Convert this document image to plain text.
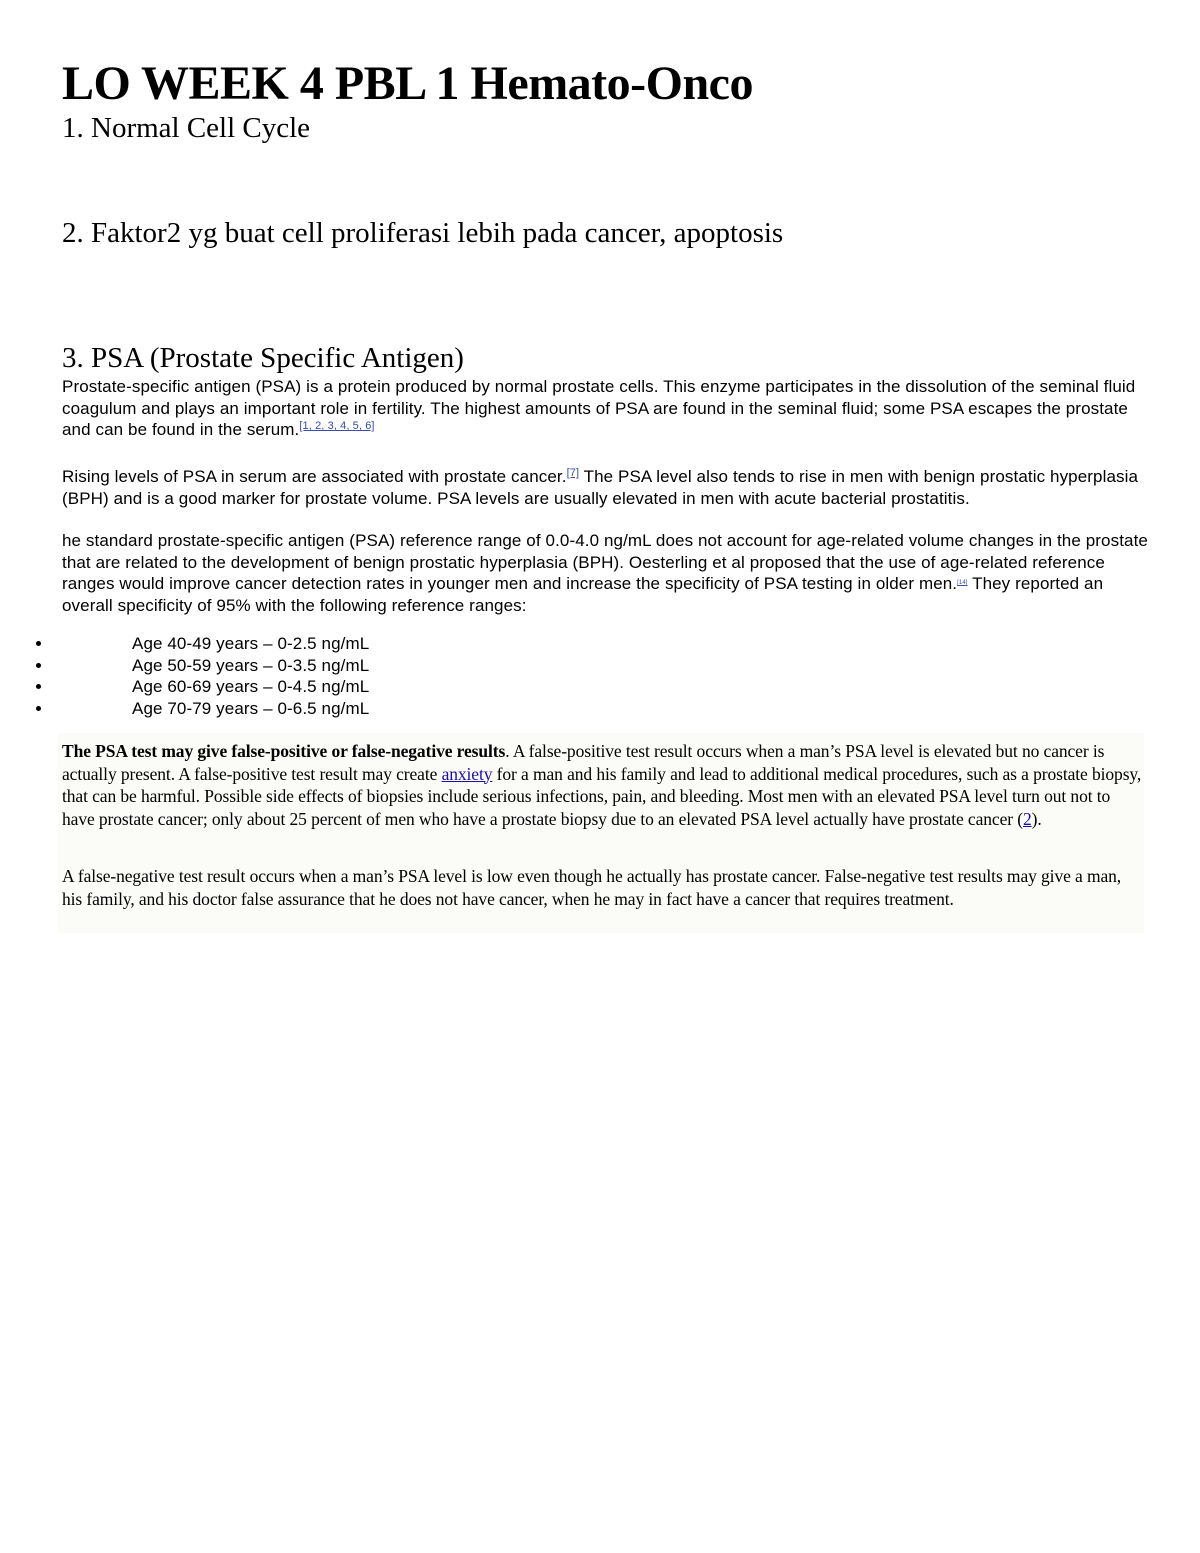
LO WEEK 4 PBL 1 Hemato-Onco
1. Normal Cell Cycle
2. Faktor2 yg buat cell proliferasi lebih pada cancer, apoptosis
3. PSA (Prostate Specific Antigen)

Prostate-specific antigen (PSA) is a protein produced by normal prostate cells. This enzyme participates in the dissolution of the seminal fluid coagulum and plays an important role in fertility. The highest amounts of PSA are found in the seminal fluid; some PSA escapes the prostate and can be found in the serum.[1, 2, 3, 4, 5, 6]

Rising levels of PSA in serum are associated with prostate cancer.[7] The PSA level also tends to rise in men with benign prostatic hyperplasia (BPH) and is a good marker for prostate volume. PSA levels are usually elevated in men with acute bacterial prostatitis.

he standard prostate-specific antigen (PSA) reference range of 0.0-4.0 ng/mL does not account for age-related volume changes in the prostate that are related to the development of benign prostatic hyperplasia (BPH). Oesterling et al proposed that the use of age-related reference ranges would improve cancer detection rates in younger men and increase the specificity of PSA testing in older men.[14] They reported an overall specificity of 95% with the following reference ranges:

Age 40-49 years – 0-2.5 ng/mL
Age 50-59 years – 0-3.5 ng/mL
Age 60-69 years – 0-4.5 ng/mL
Age 70-79 years – 0-6.5 ng/mL

The PSA test may give false-positive or false-negative results. A false-positive test result occurs when a man’s PSA level is elevated but no cancer is actually present. A false-positive test result may create anxiety for a man and his family and lead to additional medical procedures, such as a prostate biopsy, that can be harmful. Possible side effects of biopsies include serious infections, pain, and bleeding. Most men with an elevated PSA level turn out not to have prostate cancer; only about 25 percent of men who have a prostate biopsy due to an elevated PSA level actually have prostate cancer (2).

A false-negative test result occurs when a man’s PSA level is low even though he actually has prostate cancer. False-negative test results may give a man, his family, and his doctor false assurance that he does not have cancer, when he may in fact have a cancer that requires treatment.
